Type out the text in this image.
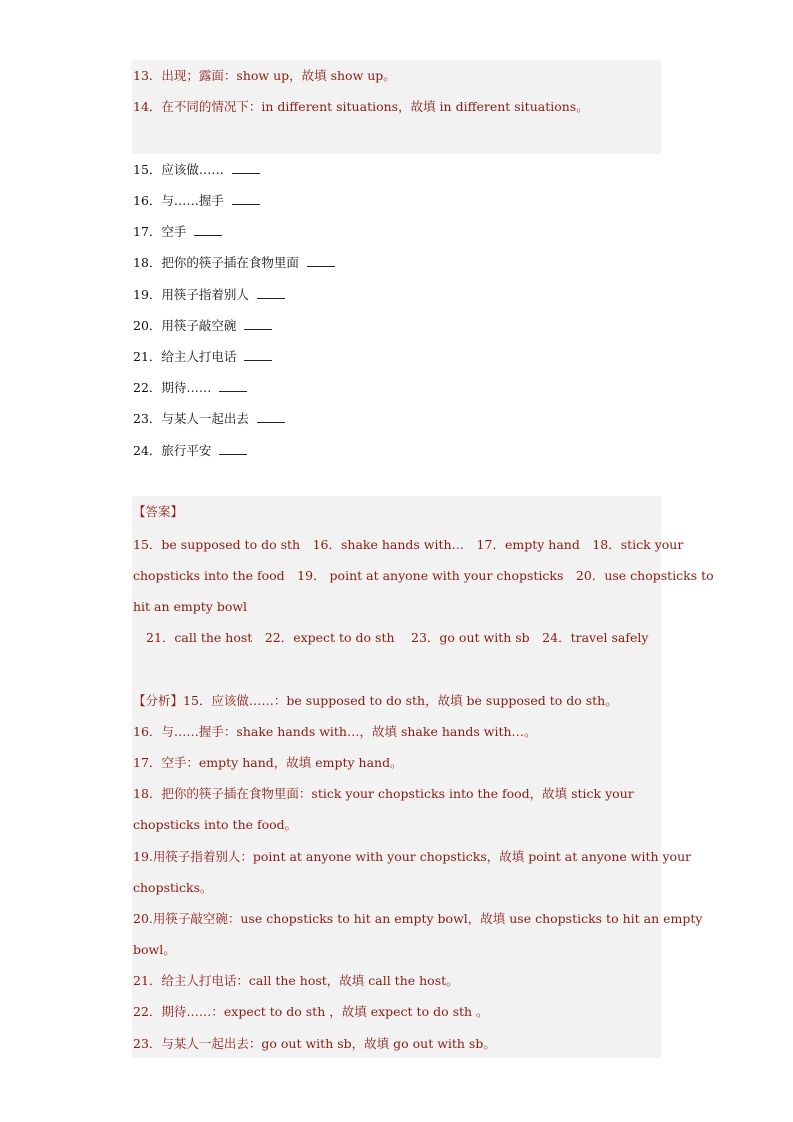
13．出现；露面：show up，故填 show up。
14．在不同的情况下：in different situations，故填 in different situations。
15．应该做……
16．与……握手
17．空手
18．把你的筷子插在食物里面
19．用筷子指着别人
20．用筷子敲空碗
21．给主人打电话
22．期待……
23．与某人一起出去
24．旅行平安
【答案】
15．be supposed to do sth　16．shake hands with…　17．empty hand　18．stick your
chopsticks into the food　19． point at anyone with your chopsticks　20．use chopsticks to
hit an empty bowl
21．call the host　22．expect to do sth　 23．go out with sb　24．travel safely
【分析】15．应该做……：be supposed to do sth，故填 be supposed to do sth。
16．与……握手：shake hands with…，故填 shake hands with…。
17．空手：empty hand，故填 empty hand。
18．把你的筷子插在食物里面：stick your chopsticks into the food，故填 stick your
chopsticks into the food。
19.用筷子指着别人：point at anyone with your chopsticks，故填 point at anyone with your
chopsticks。
20.用筷子敲空碗：use chopsticks to hit an empty bowl，故填 use chopsticks to hit an empty
bowl。
21．给主人打电话：call the host，故填 call the host。
22．期待……：expect to do sth ，故填 expect to do sth 。
23．与某人一起出去：go out with sb，故填 go out with sb。
